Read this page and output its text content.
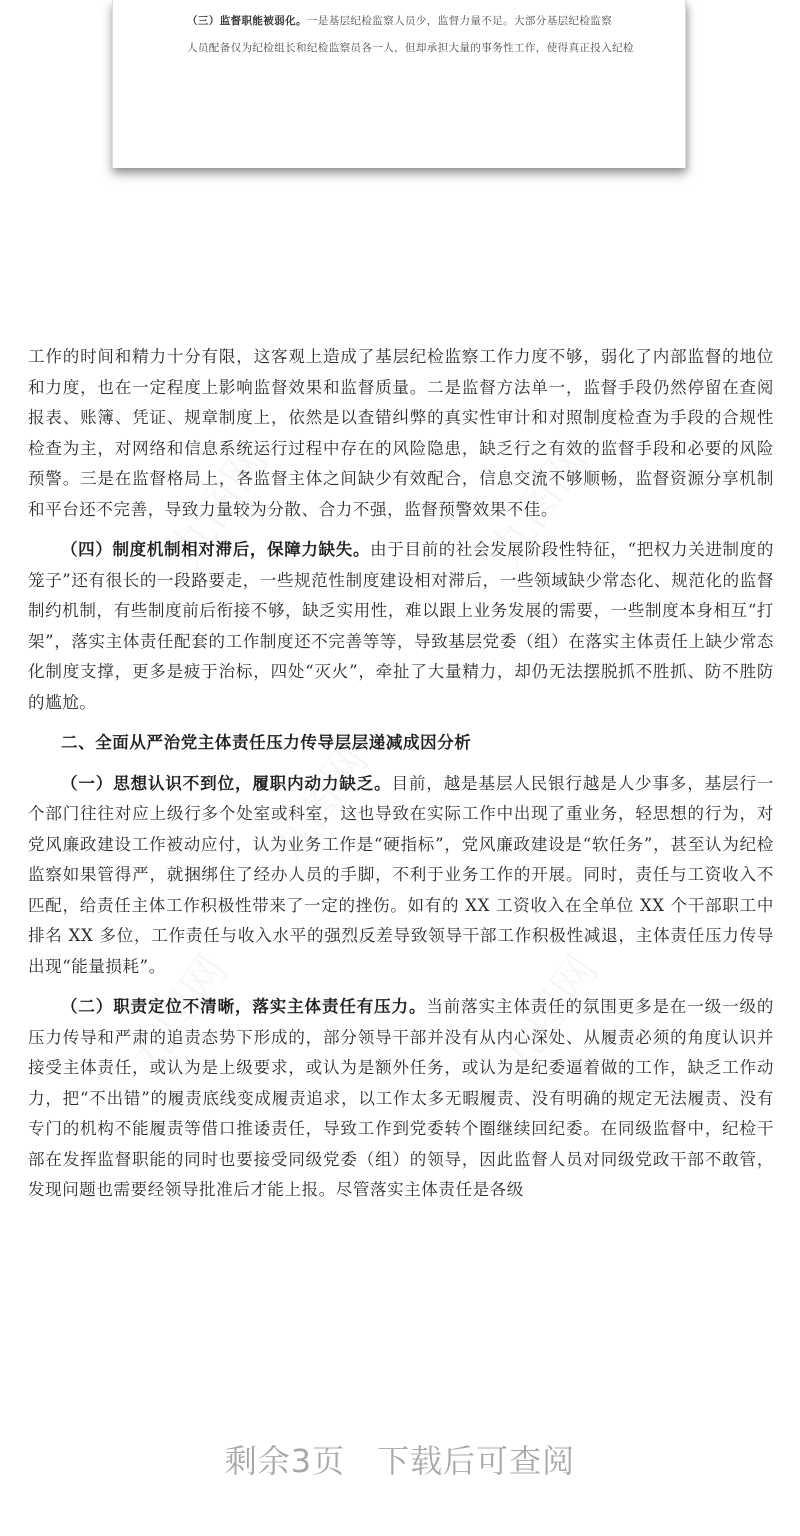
（三）监督职能被弱化。一是基层纪检监察人员少，监督力量不足。大部分基层纪检监察
人员配备仅为纪检组长和纪检监察员各一人，但却承担大量的事务性工作，使得真正投入纪检

工作的时间和精力十分有限，这客观上造成了基层纪检监察工作力度不够，弱化了内部监督的地位和力度，也在一定程度上影响监督效果和监督质量。二是监督方法单一，监督手段仍然停留在查阅报表、账簿、凭证、规章制度上，依然是以查错纠弊的真实性审计和对照制度检查为手段的合规性检查为主，对网络和信息系统运行过程中存在的风险隐患，缺乏行之有效的监督手段和必要的风险预警。三是在监督格局上，各监督主体之间缺少有效配合，信息交流不够顺畅，监督资源分享机制和平台还不完善，导致力量较为分散、合力不强，监督预警效果不佳。

（四）制度机制相对滞后，保障力缺失。由于目前的社会发展阶段性特征，“把权力关进制度的笼子”还有很长的一段路要走，一些规范性制度建设相对滞后，一些领域缺少常态化、规范化的监督制约机制，有些制度前后衔接不够，缺乏实用性，难以跟上业务发展的需要，一些制度本身相互“打架”，落实主体责任配套的工作制度还不完善等等，导致基层党委（组）在落实主体责任上缺少常态化制度支撑，更多是疲于治标，四处“灭火”，牵扯了大量精力，却仍无法摆脱抓不胜抓、防不胜防的尴尬。

二、全面从严治党主体责任压力传导层层递减成因分析

（一）思想认识不到位，履职内动力缺乏。目前，越是基层人民银行越是人少事多，基层行一个部门往往对应上级行多个处室或科室，这也导致在实际工作中出现了重业务，轻思想的行为，对党风廉政建设工作被动应付，认为业务工作是“硬指标”，党风廉政建设是“软任务”，甚至认为纪检监察如果管得严，就捆绑住了经办人员的手脚，不利于业务工作的开展。同时，责任与工资收入不匹配，给责任主体工作积极性带来了一定的挫伤。如有的 XX 工资收入在全单位 XX 个干部职工中排名 XX 多位，工作责任与收入水平的强烈反差导致领导干部工作积极性减退，主体责任压力传导出现“能量损耗”。

（二）职责定位不清晰，落实主体责任有压力。当前落实主体责任的氛围更多是在一级一级的压力传导和严肃的追责态势下形成的，部分领导干部并没有从内心深处、从履责必须的角度认识并接受主体责任，或认为是上级要求，或认为是额外任务，或认为是纪委逼着做的工作，缺乏工作动力，把“不出错”的履责底线变成履责追求，以工作太多无暇履责、没有明确的规定无法履责、没有专门的机构不能履责等借口推诿责任，导致工作到党委转个圈继续回纪委。在同级监督中，纪检干部在发挥监督职能的同时也要接受同级党委（组）的领导，因此监督人员对同级党政干部不敢管，发现问题也需要经领导批准后才能上报。尽管落实主体责任是各级

剩余3页 下载后可查阅
